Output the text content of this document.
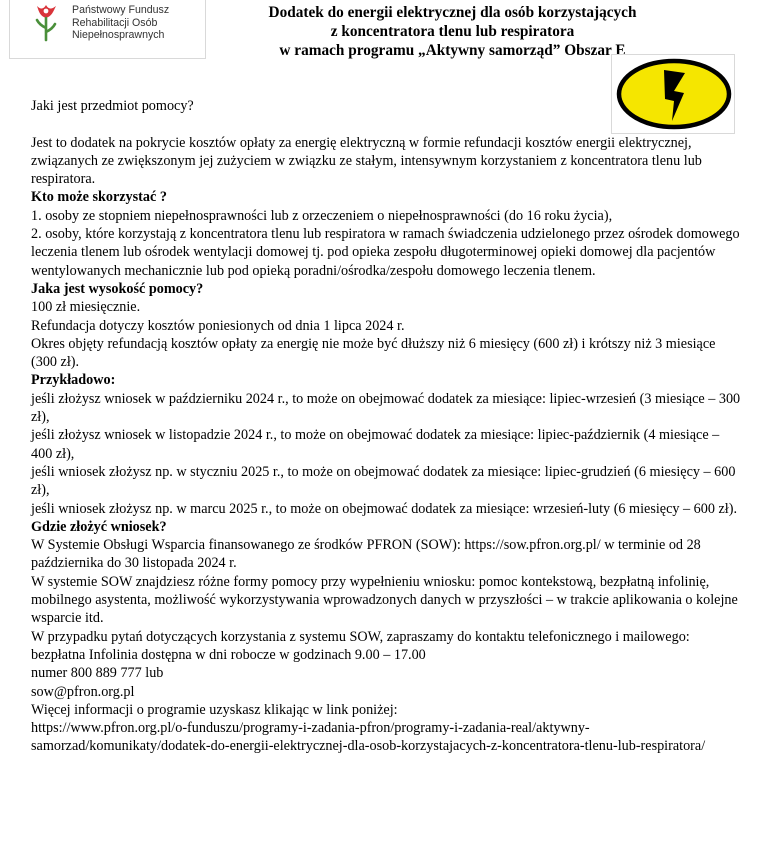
Państwowy Fundusz
Rehabilitacji Osób
Niepełnosprawnych
Dodatek do energii elektrycznej dla osób korzystających
z koncentratora tlenu lub respiratora
w ramach programu „Aktywny samorząd” Obszar E

Jaki jest przedmiot pomocy?

Jest to dodatek na pokrycie kosztów opłaty za energię elektryczną w formie refundacji kosztów energii elektrycznej, związanych ze zwiększonym jej zużyciem w związku ze stałym, intensywnym korzystaniem z koncentratora tlenu lub respiratora.

Kto może skorzystać ?

1. osoby ze stopniem niepełnosprawności lub z orzeczeniem o niepełnosprawności (do 16 roku życia),

2. osoby, które korzystają z koncentratora tlenu lub respiratora w ramach świadczenia udzielonego przez ośrodek domowego leczenia tlenem lub ośrodek wentylacji domowej tj. pod opieka zespołu długoterminowej opieki domowej dla pacjentów wentylowanych mechanicznie lub pod opieką poradni/ośrodka/zespołu domowego leczenia tlenem.

Jaka jest wysokość pomocy?

100 zł miesięcznie.

Refundacja dotyczy kosztów poniesionych od dnia 1 lipca 2024 r.

Okres objęty refundacją kosztów opłaty za energię nie może być dłuższy niż 6 miesięcy (600 zł) i krótszy niż 3 miesiące (300 zł).

Przykładowo:

jeśli złożysz wniosek w październiku 2024 r., to może on obejmować dodatek za miesiące: lipiec-wrzesień (3 miesiące – 300 zł),

jeśli złożysz wniosek w listopadzie 2024 r., to może on obejmować dodatek za miesiące: lipiec-październik (4 miesiące – 400 zł),

jeśli wniosek złożysz np. w styczniu 2025 r., to może on obejmować dodatek za miesiące: lipiec-grudzień (6 miesięcy – 600 zł),

jeśli wniosek złożysz np. w marcu 2025 r., to może on obejmować dodatek za miesiące: wrzesień-luty (6 miesięcy – 600 zł).

Gdzie złożyć wniosek?

W Systemie Obsługi Wsparcia finansowanego ze środków PFRON (SOW): https://sow.pfron.org.pl/ w terminie od 28 października do 30 listopada 2024 r.

W systemie SOW znajdziesz różne formy pomocy przy wypełnieniu wniosku: pomoc kontekstową, bezpłatną infolinię, mobilnego asystenta, możliwość wykorzystywania wprowadzonych danych w przyszłości – w trakcie aplikowania o kolejne wsparcie itd.

W przypadku pytań dotyczących korzystania z systemu SOW, zapraszamy do kontaktu telefonicznego i mailowego:

bezpłatna Infolinia dostępna w dni robocze w godzinach 9.00 – 17.00

numer 800 889 777 lub

sow@pfron.org.pl

Więcej informacji o programie uzyskasz klikając w link poniżej:

https://www.pfron.org.pl/o-funduszu/programy-i-zadania-pfron/programy-i-zadania-real/aktywny-samorzad/komunikaty/dodatek-do-energii-elektrycznej-dla-osob-korzystajacych-z-koncentratora-tlenu-lub-respiratora/
